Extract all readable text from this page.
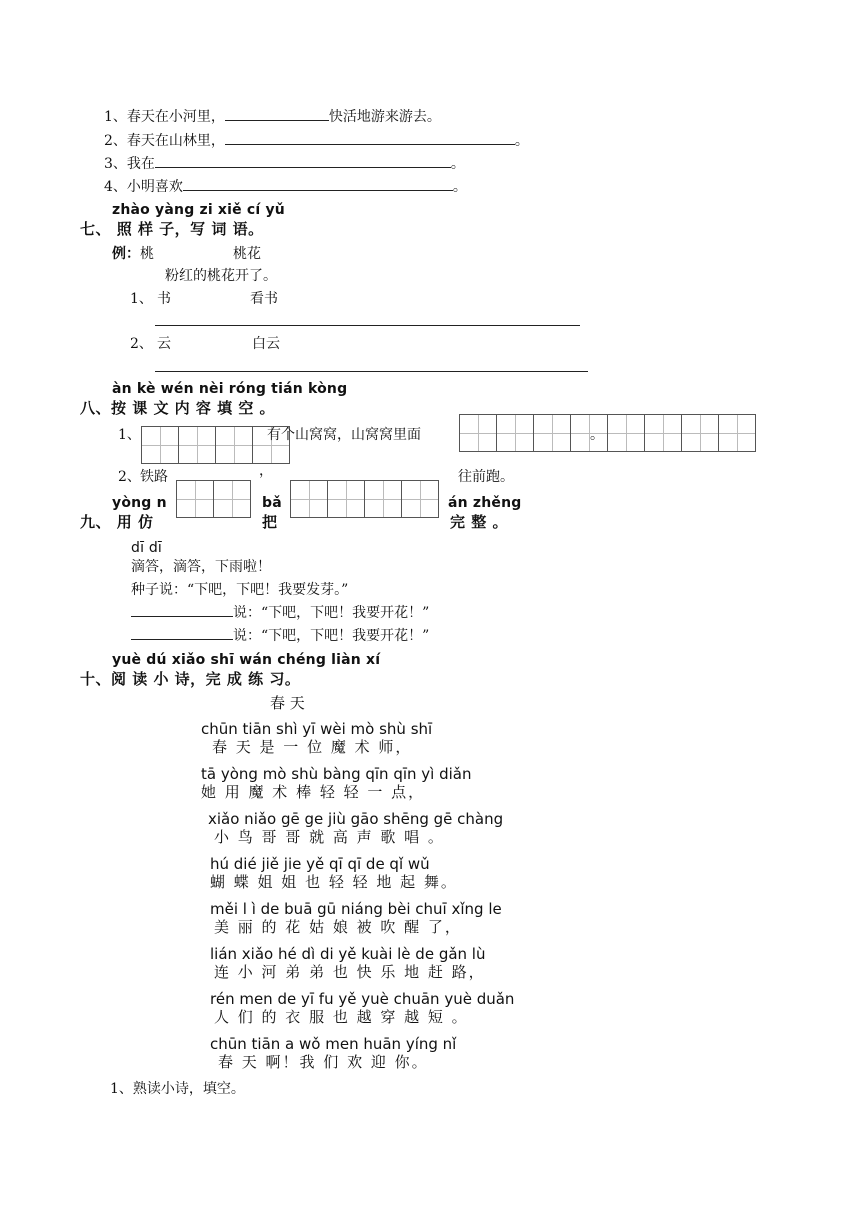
1、春天在小河里，	快活地游来游去。
2、春天在山林里，	。
3、我在	。
4、小明喜欢	。
zhào yàng zi xiě cí yǔ
七、 照 样 子，写 词 语。
例：桃	桃花
粉红的桃花开了。
1、 书	看书
2、 云	白云
àn kè wén nèi róng tián kòng
八、按 课 文 内 容 填 空 。
1、	有个山窝窝，山窝窝里面	。
2、 铁路	，	往前跑。
yòng n	bǎ	án zhěng
九、 用 仿	把	完 整 。
dī dī
滴答，滴答，下雨啦！
种子说：“下吧，下吧！我要发芽。”
说：“下吧，下吧！我要开花！”
说：“下吧，下吧！我要开花！”
yuè dú xiǎo shī wán chéng liàn xí
十、阅 读 小 诗，完 成 练 习。
春 天
chūn tiān shì yī wèi mò shù shī
春 天 是 一 位 魔 术 师，
tā yòng mò shù bàng qīn qīn yì diǎn
她 用 魔 术 棒 轻 轻 一 点，
xiǎo niǎo gē ge jiù gāo shēng gē chàng
小 鸟 哥 哥 就 高 声 歌 唱 。
hú dié jiě jie yě qī qī de qǐ wǔ
蝴 蝶 姐 姐 也 轻 轻 地 起 舞。
měi l ì de buā gū niáng bèi chuī xǐng le
美 丽 的 花 姑 娘 被 吹 醒 了，
lián xiǎo hé dì di yě kuài lè de gǎn lù
连 小 河 弟 弟 也 快 乐 地 赶 路，
rén men de yī fu yě yuè chuān yuè duǎn
人 们 的 衣 服 也 越 穿 越 短 。
chūn tiān a wǒ men huān yíng nǐ
春 天 啊！我 们 欢 迎 你。
1、熟读小诗，填空。
